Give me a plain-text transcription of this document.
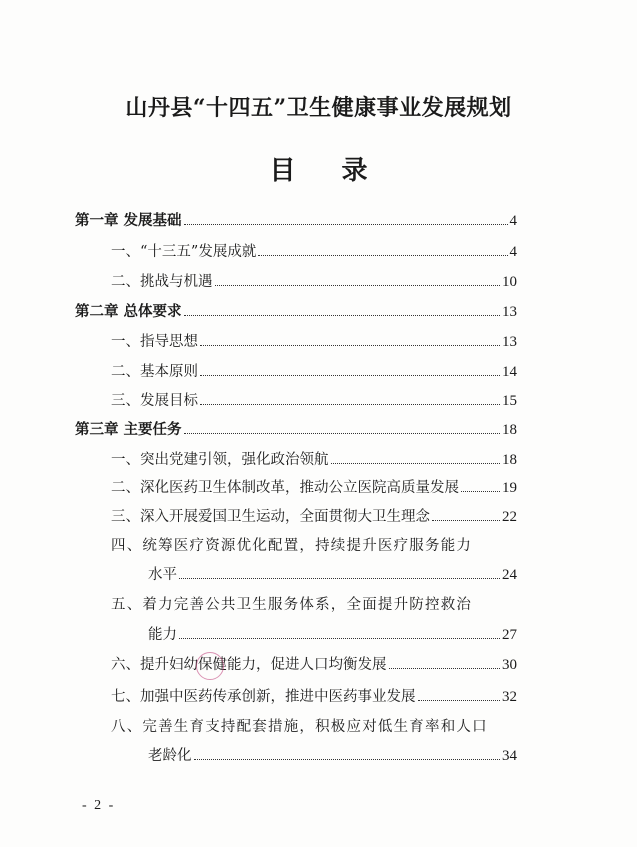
山丹县“十四五”卫生健康事业发展规划
目录
第一章 发展基础	4
一、“十三五”发展成就	4
二、挑战与机遇	10
第二章 总体要求	13
一、指导思想	13
二、基本原则	14
三、发展目标	15
第三章 主要任务	18
一、突出党建引领，强化政治领航	18
二、深化医药卫生体制改革，推动公立医院高质量发展	19
三、深入开展爱国卫生运动，全面贯彻大卫生理念	22
四、统筹医疗资源优化配置，持续提升医疗服务能力
水平	24
五、着力完善公共卫生服务体系，全面提升防控救治
能力	27
六、提升妇幼保健能力，促进人口均衡发展	30
七、加强中医药传承创新，推进中医药事业发展	32
八、完善生育支持配套措施，积极应对低生育率和人口
老龄化	34
- 2 -
